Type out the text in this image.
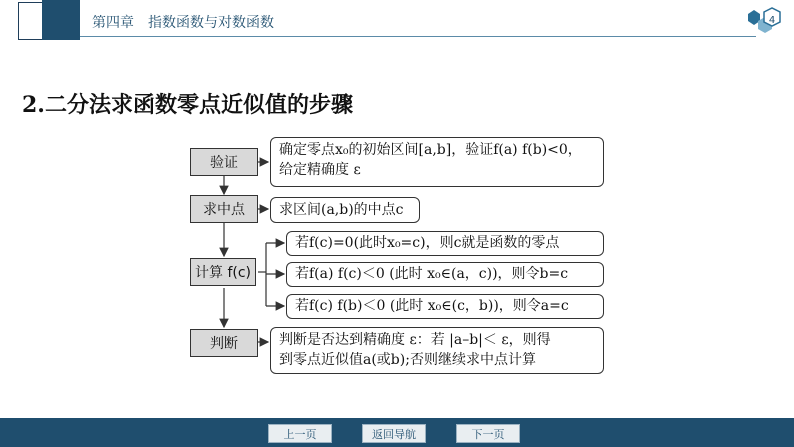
第四章 指数函数与对数函数	4
2.二分法求函数零点近似值的步骤
验证
确定零点x₀的初始区间[a,b]，验证f(a) f(b)<0，
给定精确度 ε
求中点	求区间(a,b)的中点c
计算 f(c)
若f(c)=0(此时x₀=c)，则c就是函数的零点
若f(a) f(c)＜0 (此时 x₀∈(a，c))，则令b=c
若f(c) f(b)＜0 (此时 x₀∈(c，b))，则令a=c
判断	判断是否达到精确度 ε：若 |a–b|＜ ε，则得
到零点近似值a(或b);否则继续求中点计算
上一页	返回导航	下一页
